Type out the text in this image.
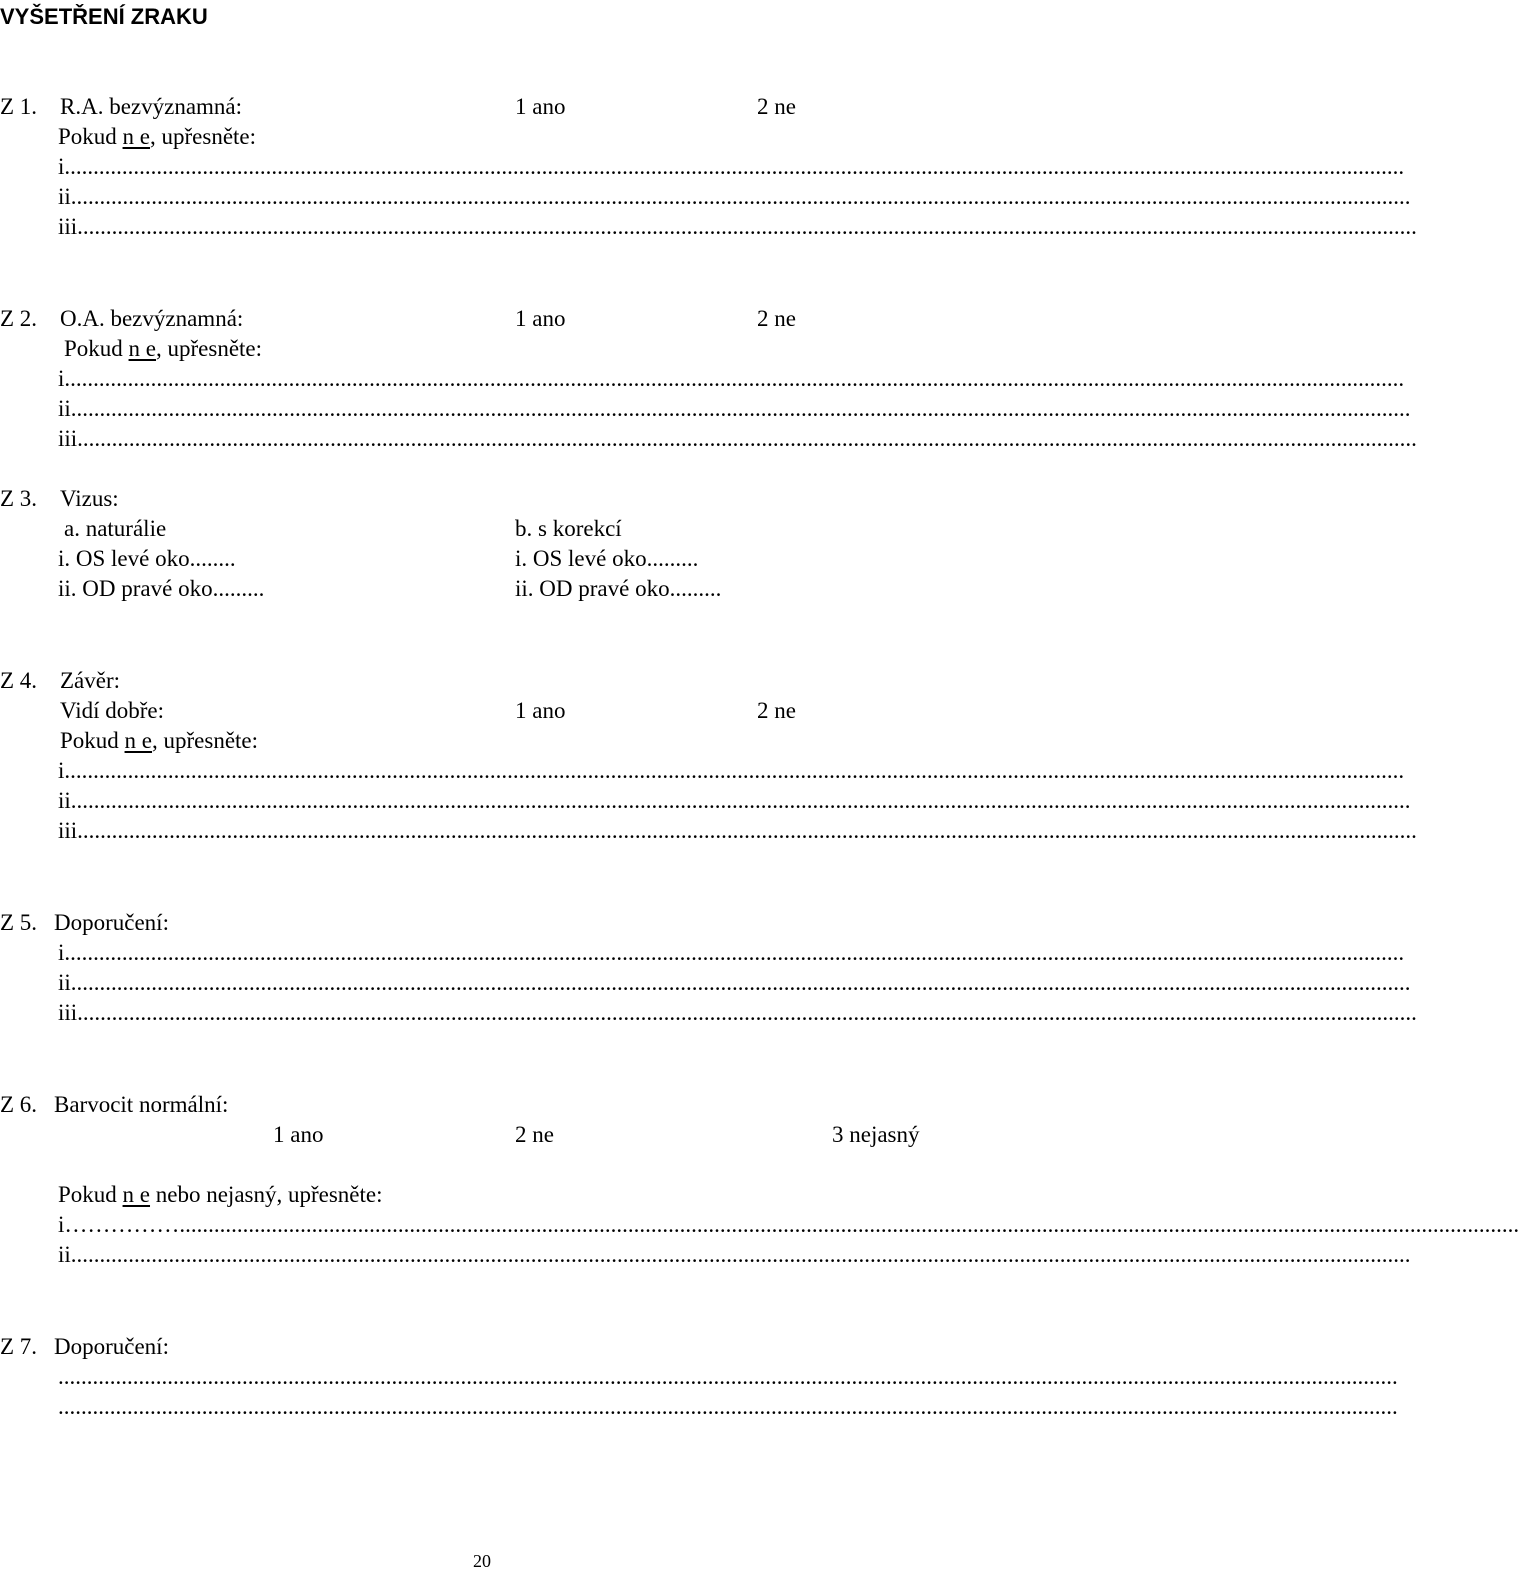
VYŠETŘENÍ ZRAKU
Z 1. R.A. bezvýznamná:	1 ano	2 ne
Pokud n e, upřesněte:
i.........................................................................................................................................................................................................................................
ii.........................................................................................................................................................................................................................................
iii.........................................................................................................................................................................................................................................
Z 2. O.A. bezvýznamná:	1 ano	2 ne
Pokud n e, upřesněte:
i.........................................................................................................................................................................................................................................
ii.........................................................................................................................................................................................................................................
iii.........................................................................................................................................................................................................................................
Z 3. Vizus:
a. naturálie	b. s korekcí
i. OS levé oko........	i. OS levé oko.........
ii. OD pravé oko.........	ii. OD pravé oko.........
Z 4. Závěr:
Vidí dobře:	1 ano	2 ne
Pokud n e, upřesněte:
i.........................................................................................................................................................................................................................................
ii.........................................................................................................................................................................................................................................
iii.........................................................................................................................................................................................................................................
Z 5. Doporučení:
i.........................................................................................................................................................................................................................................
ii.........................................................................................................................................................................................................................................
iii.........................................................................................................................................................................................................................................
Z 6. Barvocit normální:
1 ano	2 ne	3 nejasný
Pokud n e nebo nejasný, upřesněte:
i…………….........................................................................................................................................................................................................................................
ii.........................................................................................................................................................................................................................................
Z 7. Doporučení:
.........................................................................................................................................................................................................................................
.........................................................................................................................................................................................................................................
20
